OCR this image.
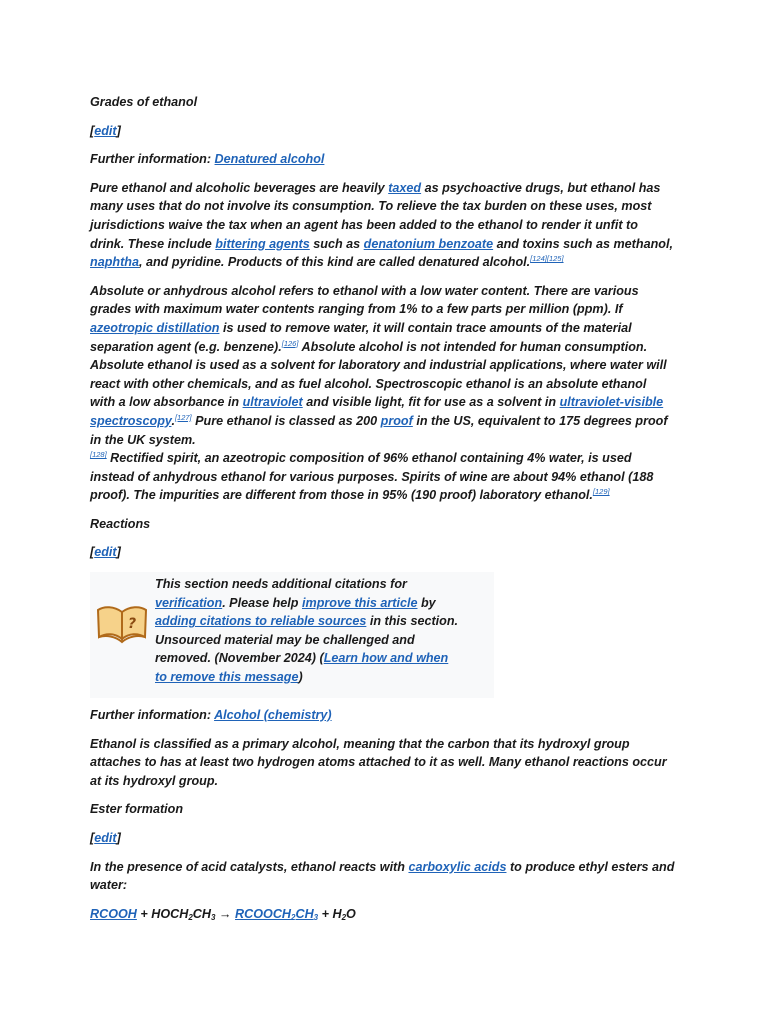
Grades of ethanol

[edit]

Further information: Denatured alcohol

Pure ethanol and alcoholic beverages are heavily taxed as psychoactive drugs, but ethanol has many uses that do not involve its consumption. To relieve the tax burden on these uses, most jurisdictions waive the tax when an agent has been added to the ethanol to render it unfit to drink. These include bittering agents such as denatonium benzoate and toxins such as methanol, naphtha, and pyridine. Products of this kind are called denatured alcohol.[124][125]

Absolute or anhydrous alcohol refers to ethanol with a low water content. There are various grades with maximum water contents ranging from 1% to a few parts per million (ppm). If azeotropic distillation is used to remove water, it will contain trace amounts of the material separation agent (e.g. benzene).[126] Absolute alcohol is not intended for human consumption. Absolute ethanol is used as a solvent for laboratory and industrial applications, where water will react with other chemicals, and as fuel alcohol. Spectroscopic ethanol is an absolute ethanol with a low absorbance in ultraviolet and visible light, fit for use as a solvent in ultraviolet-visible spectroscopy.[127] Pure ethanol is classed as 200 proof in the US, equivalent to 175 degrees proof in the UK system.
[128] Rectified spirit, an azeotropic composition of 96% ethanol containing 4% water, is used instead of anhydrous ethanol for various purposes. Spirits of wine are about 94% ethanol (188 proof). The impurities are different from those in 95% (190 proof) laboratory ethanol.[129]

Reactions

[edit]

?
This section needs additional citations for verification. Please help improve this article by adding citations to reliable sources in this section. Unsourced material may be challenged and removed. (November 2024) (Learn how and when to remove this message)

Further information: Alcohol (chemistry)

Ethanol is classified as a primary alcohol, meaning that the carbon that its hydroxyl group attaches to has at least two hydrogen atoms attached to it as well. Many ethanol reactions occur at its hydroxyl group.

Ester formation

[edit]

In the presence of acid catalysts, ethanol reacts with carboxylic acids to produce ethyl esters and water:

RCOOH + $HOCH_2CH_3$ → $RCOOCH_2CH_3 + H_2O$
